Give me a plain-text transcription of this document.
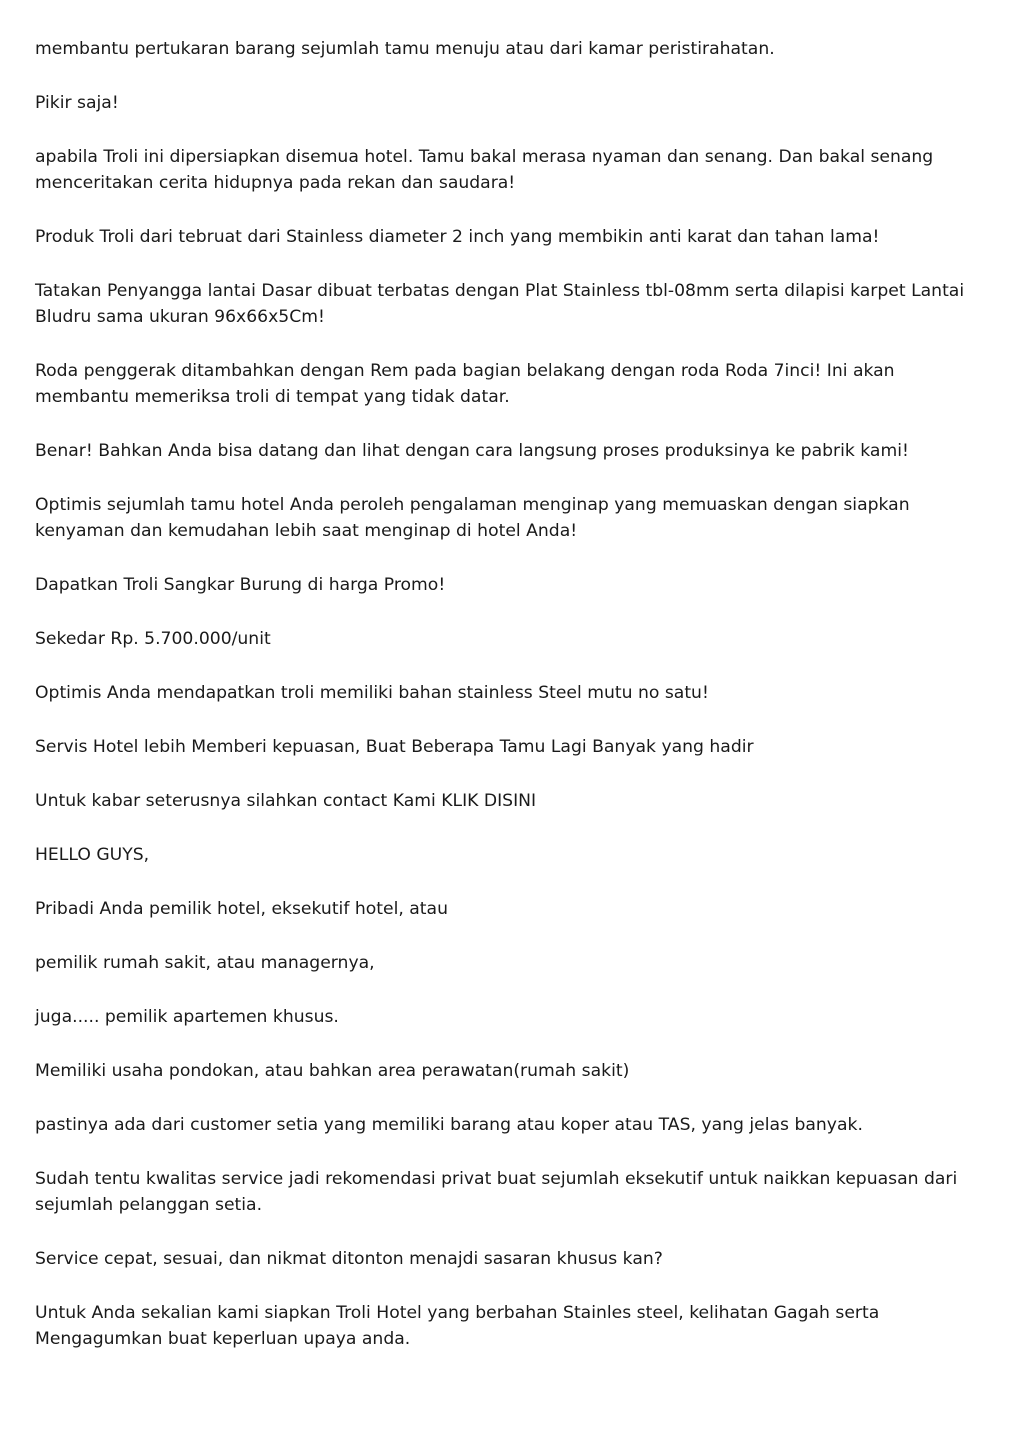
membantu pertukaran barang sejumlah tamu menuju atau dari kamar peristirahatan.

Pikir saja!

apabila Troli ini dipersiapkan disemua hotel. Tamu bakal merasa nyaman dan senang. Dan bakal senang menceritakan cerita hidupnya pada rekan dan saudara!

Produk Troli dari tebruat dari Stainless diameter 2 inch yang membikin anti karat dan tahan lama!

Tatakan Penyangga lantai Dasar dibuat terbatas dengan Plat Stainless tbl-08mm serta dilapisi karpet Lantai Bludru sama ukuran 96x66x5Cm!

Roda penggerak ditambahkan dengan Rem pada bagian belakang dengan roda Roda 7inci! Ini akan membantu memeriksa troli di tempat yang tidak datar.

Benar! Bahkan Anda bisa datang dan lihat dengan cara langsung proses produksinya ke pabrik kami!

Optimis sejumlah tamu hotel Anda peroleh pengalaman menginap yang memuaskan dengan siapkan kenyaman dan kemudahan lebih saat menginap di hotel Anda!

Dapatkan Troli Sangkar Burung di harga Promo!

Sekedar Rp. 5.700.000/unit

Optimis Anda mendapatkan troli memiliki bahan stainless Steel mutu no satu!

Servis Hotel lebih Memberi kepuasan, Buat Beberapa Tamu Lagi Banyak yang hadir

Untuk kabar seterusnya silahkan contact Kami KLIK DISINI

HELLO GUYS,

Pribadi Anda pemilik hotel, eksekutif hotel, atau

pemilik rumah sakit, atau managernya,

juga..... pemilik apartemen khusus.

Memiliki usaha pondokan, atau bahkan area perawatan(rumah sakit)

pastinya ada dari customer setia yang memiliki barang atau koper atau TAS, yang jelas banyak.

Sudah tentu kwalitas service jadi rekomendasi privat buat sejumlah eksekutif untuk naikkan kepuasan dari sejumlah pelanggan setia.

Service cepat, sesuai, dan nikmat ditonton menajdi sasaran khusus kan?

Untuk Anda sekalian kami siapkan Troli Hotel yang berbahan Stainles steel, kelihatan Gagah serta Mengagumkan buat keperluan upaya anda.
